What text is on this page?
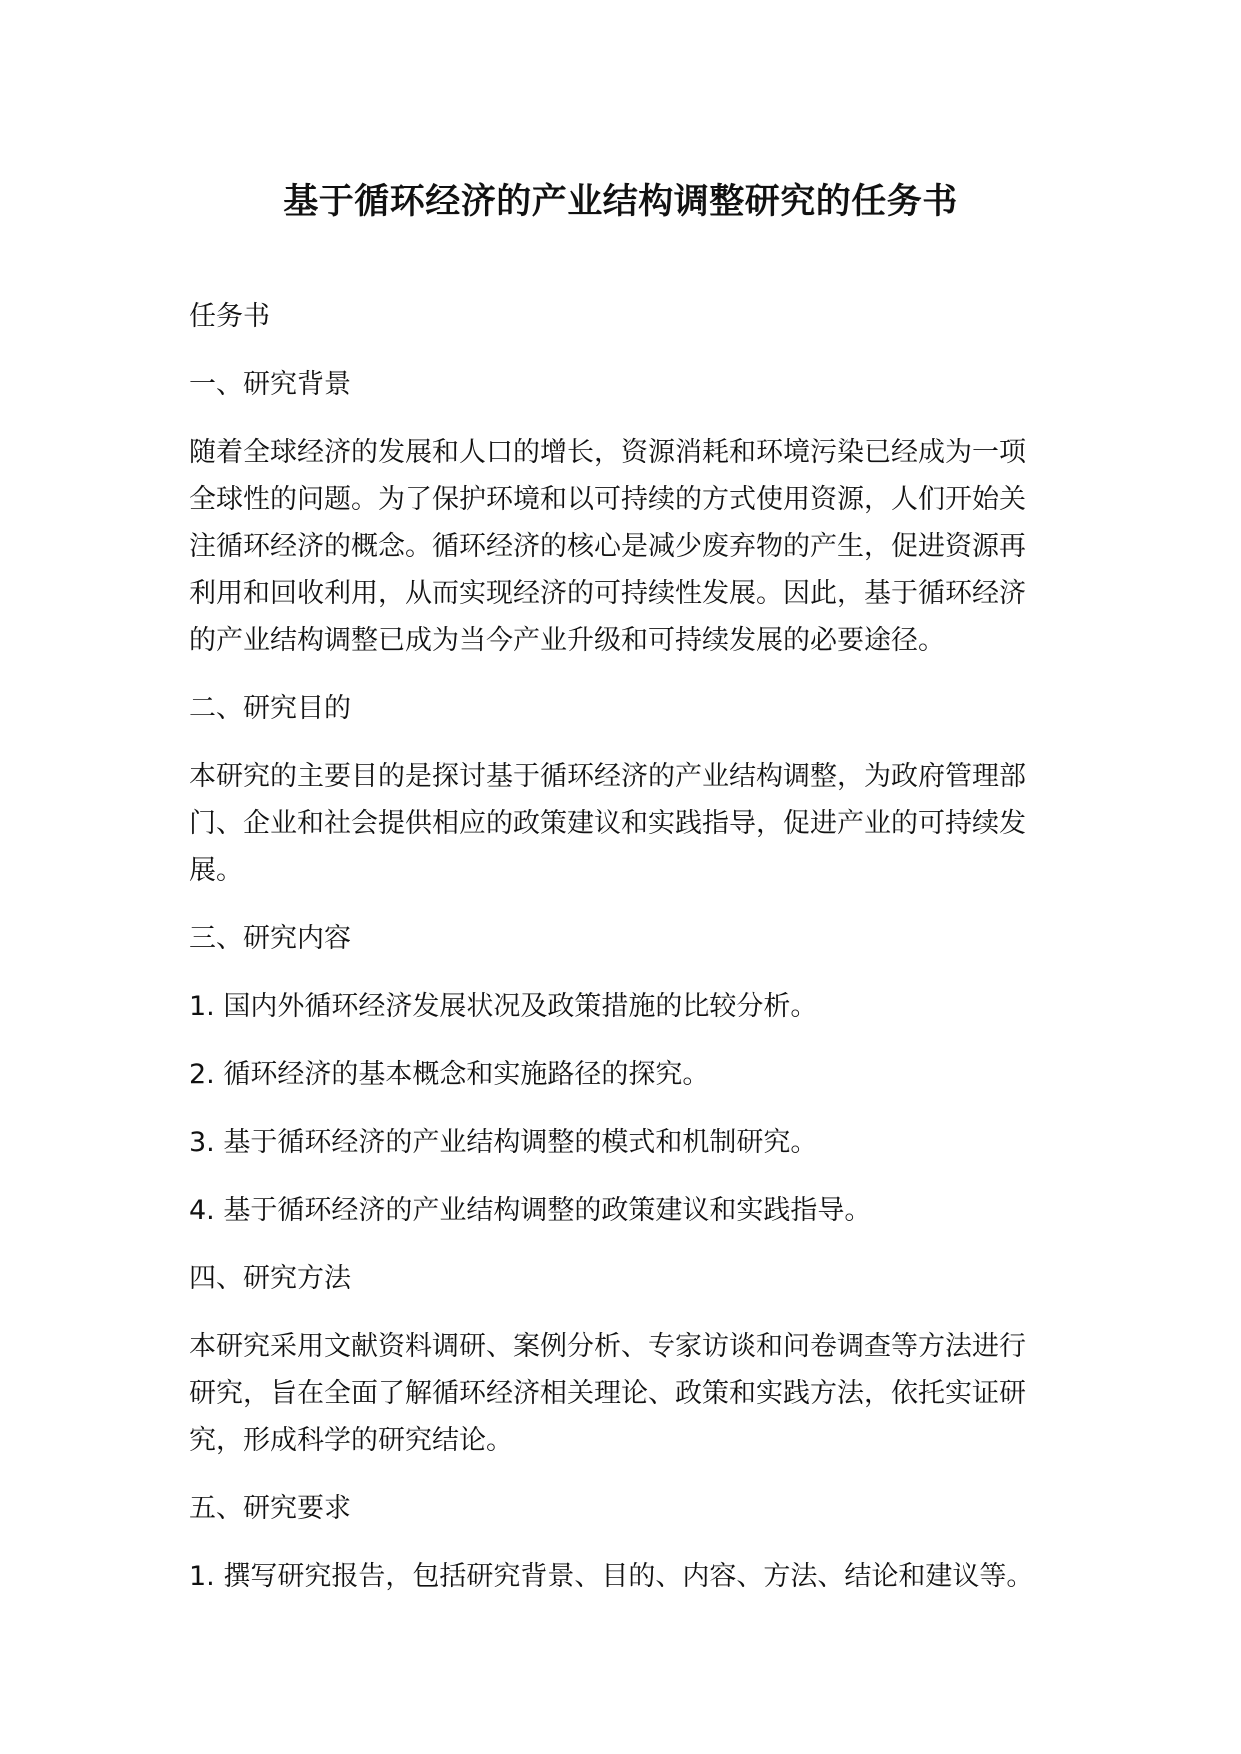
基于循环经济的产业结构调整研究的任务书
任务书
一、研究背景
随着全球经济的发展和人口的增长，资源消耗和环境污染已经成为一项
全球性的问题。为了保护环境和以可持续的方式使用资源，人们开始关
注循环经济的概念。循环经济的核心是减少废弃物的产生，促进资源再
利用和回收利用，从而实现经济的可持续性发展。因此，基于循环经济
的产业结构调整已成为当今产业升级和可持续发展的必要途径。
二、研究目的
本研究的主要目的是探讨基于循环经济的产业结构调整，为政府管理部
门、企业和社会提供相应的政策建议和实践指导，促进产业的可持续发
展。
三、研究内容
1. 国内外循环经济发展状况及政策措施的比较分析。
2. 循环经济的基本概念和实施路径的探究。
3. 基于循环经济的产业结构调整的模式和机制研究。
4. 基于循环经济的产业结构调整的政策建议和实践指导。
四、研究方法
本研究采用文献资料调研、案例分析、专家访谈和问卷调查等方法进行
研究，旨在全面了解循环经济相关理论、政策和实践方法，依托实证研
究，形成科学的研究结论。
五、研究要求
1. 撰写研究报告，包括研究背景、目的、内容、方法、结论和建议等。
